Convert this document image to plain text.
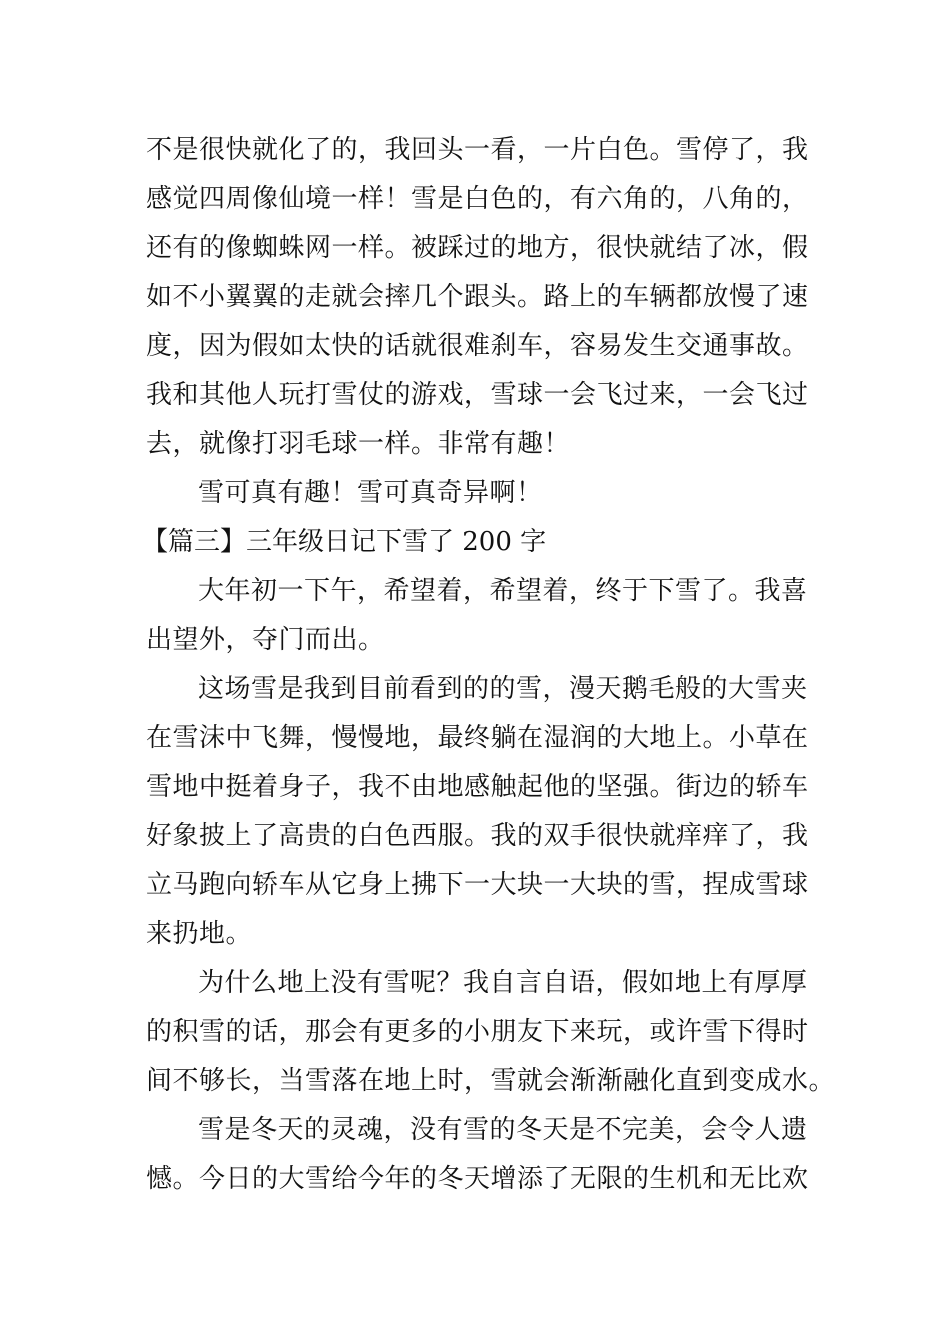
不是很快就化了的，我回头一看，一片白色。雪停了，我
感觉四周像仙境一样！雪是白色的，有六角的，八角的，
还有的像蜘蛛网一样。被踩过的地方，很快就结了冰，假
如不小翼翼的走就会摔几个跟头。路上的车辆都放慢了速
度，因为假如太快的话就很难刹车，容易发生交通事故。
我和其他人玩打雪仗的游戏，雪球一会飞过来，一会飞过
去，就像打羽毛球一样。非常有趣！
雪可真有趣！雪可真奇异啊！
【篇三】三年级日记下雪了 200 字
大年初一下午，希望着，希望着，终于下雪了。我喜
出望外，夺门而出。
这场雪是我到目前看到的的雪，漫天鹅毛般的大雪夹
在雪沫中飞舞，慢慢地，最终躺在湿润的大地上。小草在
雪地中挺着身子，我不由地感触起他的坚强。街边的轿车
好象披上了高贵的白色西服。我的双手很快就痒痒了，我
立马跑向轿车从它身上拂下一大块一大块的雪，捏成雪球
来扔地。
为什么地上没有雪呢？我自言自语，假如地上有厚厚
的积雪的话，那会有更多的小朋友下来玩，或许雪下得时
间不够长，当雪落在地上时，雪就会渐渐融化直到变成水。
雪是冬天的灵魂，没有雪的冬天是不完美，会令人遗
憾。今日的大雪给今年的冬天增添了无限的生机和无比欢
